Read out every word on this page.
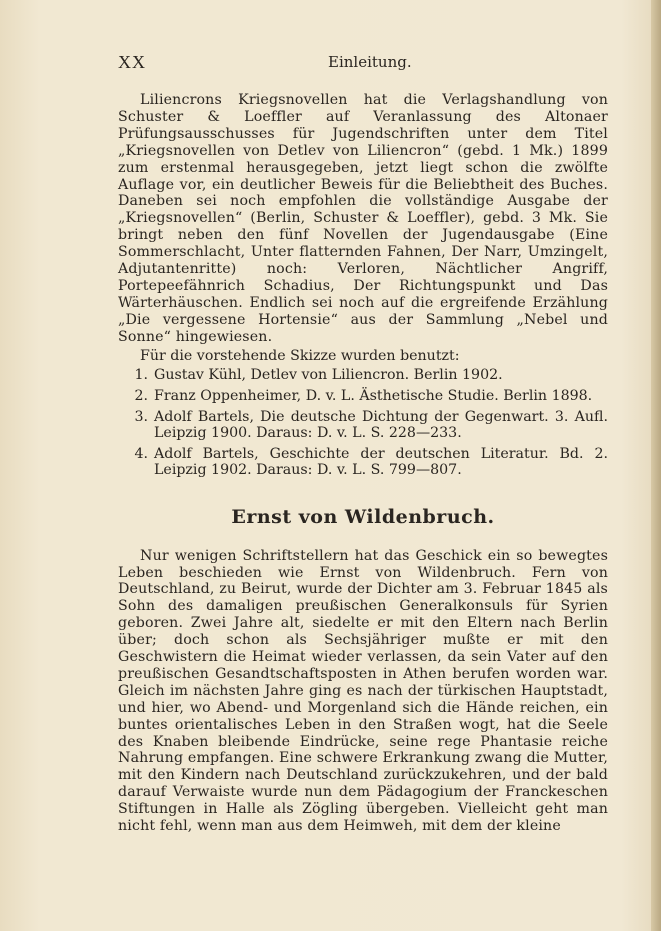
XX	Einleitung.

Liliencrons Kriegsnovellen hat die Verlagshandlung von Schuster & Loeffler auf Veranlassung des Altonaer Prüfungsausschusses für Jugendschriften unter dem Titel „Kriegsnovellen von Detlev von Liliencron“ (gebd. 1 Mk.) 1899 zum erstenmal herausgegeben, jetzt liegt schon die zwölfte Auflage vor, ein deutlicher Beweis für die Beliebtheit des Buches. Daneben sei noch empfohlen die vollständige Ausgabe der „Kriegsnovellen“ (Berlin, Schuster & Loeffler), gebd. 3 Mk. Sie bringt neben den fünf Novellen der Jugendausgabe (Eine Sommerschlacht, Unter flatternden Fahnen, Der Narr, Umzingelt, Adjutantenritte) noch: Verloren, Nächtlicher Angriff, Portepeefähnrich Schadius, Der Richtungspunkt und Das Wärterhäuschen. Endlich sei noch auf die ergreifende Erzählung „Die vergessene Hortensie“ aus der Sammlung „Nebel und Sonne“ hingewiesen.

Für die vorstehende Skizze wurden benutzt:

1. Gustav Kühl, Detlev von Liliencron. Berlin 1902.
2. Franz Oppenheimer, D. v. L. Ästhetische Studie. Berlin 1898.
3. Adolf Bartels, Die deutsche Dichtung der Gegenwart. 3. Aufl. Leipzig 1900. Daraus: D. v. L. S. 228—233.
4. Adolf Bartels, Geschichte der deutschen Literatur. Bd. 2. Leipzig 1902. Daraus: D. v. L. S. 799—807.
Ernst von Wildenbruch.

Nur wenigen Schriftstellern hat das Geschick ein so bewegtes Leben beschieden wie Ernst von Wildenbruch. Fern von Deutschland, zu Beirut, wurde der Dichter am 3. Februar 1845 als Sohn des damaligen preußischen Generalkonsuls für Syrien geboren. Zwei Jahre alt, siedelte er mit den Eltern nach Berlin über; doch schon als Sechsjähriger mußte er mit den Geschwistern die Heimat wieder verlassen, da sein Vater auf den preußischen Gesandtschaftsposten in Athen berufen worden war. Gleich im nächsten Jahre ging es nach der türkischen Hauptstadt, und hier, wo Abend- und Morgenland sich die Hände reichen, ein buntes orientalisches Leben in den Straßen wogt, hat die Seele des Knaben bleibende Eindrücke, seine rege Phantasie reiche Nahrung empfangen. Eine schwere Erkrankung zwang die Mutter, mit den Kindern nach Deutschland zurückzukehren, und der bald darauf Verwaiste wurde nun dem Pädagogium der Franckeschen Stiftungen in Halle als Zögling übergeben. Vielleicht geht man nicht fehl, wenn man aus dem Heimweh, mit dem der kleine
